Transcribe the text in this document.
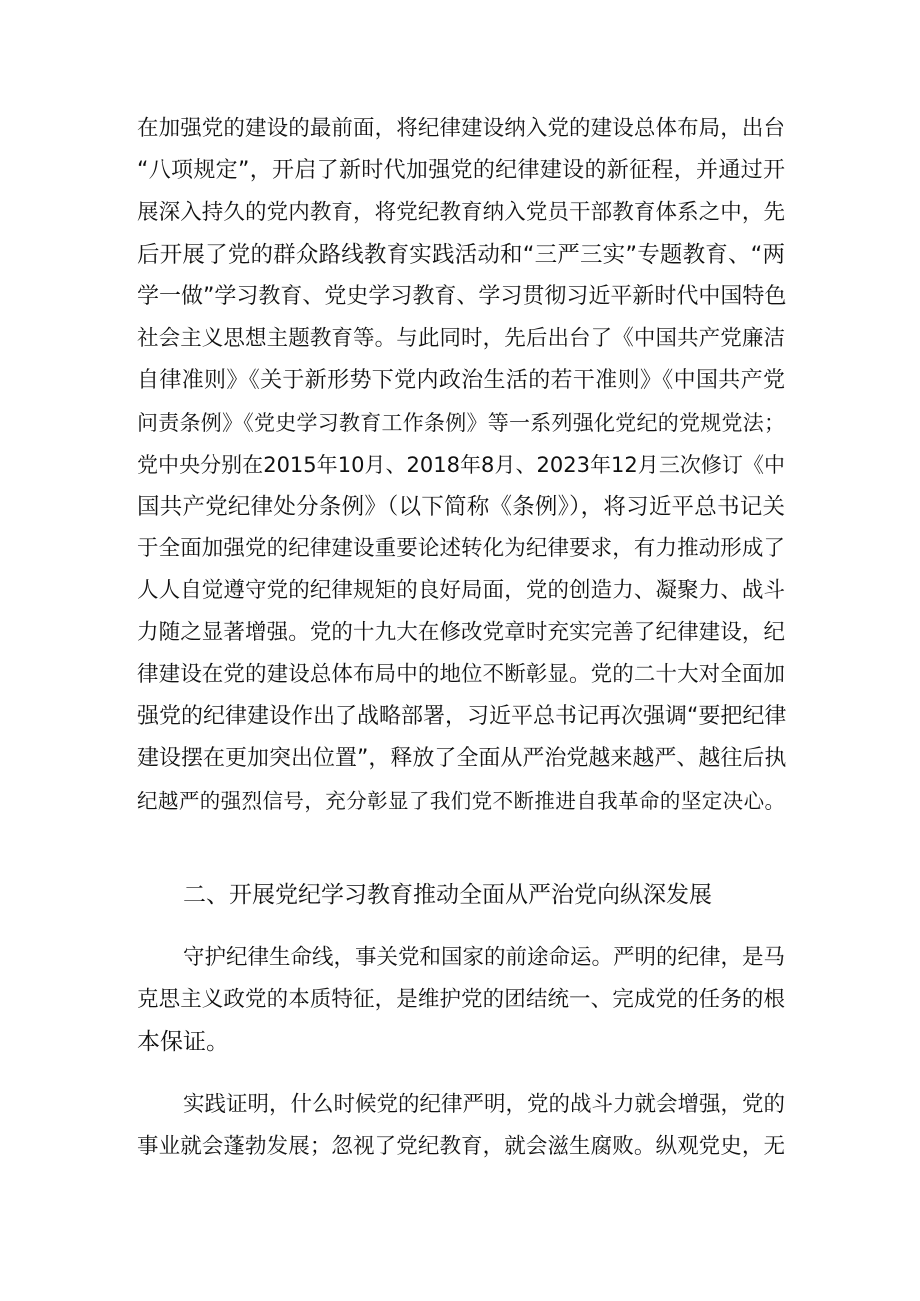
在加强党的建设的最前面，将纪律建设纳入党的建设总体布局，出台
“八项规定”，开启了新时代加强党的纪律建设的新征程，并通过开
展深入持久的党内教育，将党纪教育纳入党员干部教育体系之中，先
后开展了党的群众路线教育实践活动和“三严三实”专题教育、“两
学一做”学习教育、党史学习教育、学习贯彻习近平新时代中国特色
社会主义思想主题教育等。与此同时，先后出台了《中国共产党廉洁
自律准则》《关于新形势下党内政治生活的若干准则》《中国共产党
问责条例》《党史学习教育工作条例》等一系列强化党纪的党规党法；
党中央分别在2015年10月、2018年8月、2023年12月三次修订《中
国共产党纪律处分条例》（以下简称《条例》），将习近平总书记关
于全面加强党的纪律建设重要论述转化为纪律要求，有力推动形成了
人人自觉遵守党的纪律规矩的良好局面，党的创造力、凝聚力、战斗
力随之显著增强。党的十九大在修改党章时充实完善了纪律建设，纪
律建设在党的建设总体布局中的地位不断彰显。党的二十大对全面加
强党的纪律建设作出了战略部署，习近平总书记再次强调“要把纪律
建设摆在更加突出位置”，释放了全面从严治党越来越严、越往后执
纪越严的强烈信号，充分彰显了我们党不断推进自我革命的坚定决心。
二、开展党纪学习教育推动全面从严治党向纵深发展
守护纪律生命线，事关党和国家的前途命运。严明的纪律，是马
克思主义政党的本质特征，是维护党的团结统一、完成党的任务的根
本保证。
实践证明，什么时候党的纪律严明，党的战斗力就会增强，党的
事业就会蓬勃发展；忽视了党纪教育，就会滋生腐败。纵观党史，无
